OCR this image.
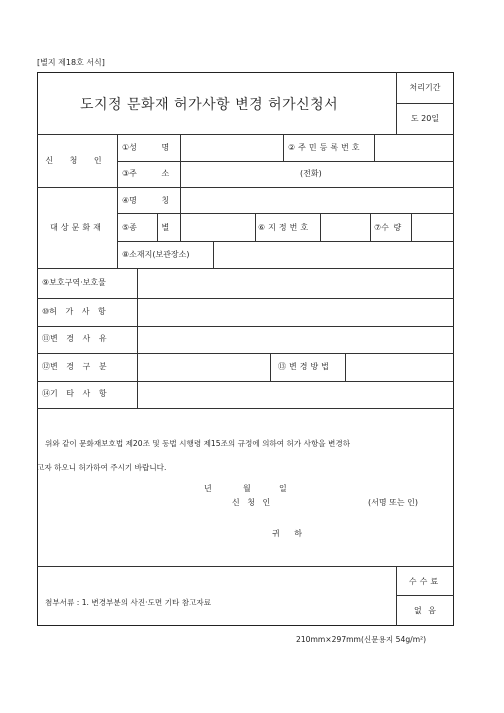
[별지 제18호 서식]
도지정 문화재 허가사항 변경 허가신청서
처리기간
도 20일
신 청 인
①성 명	②주민등록번호
③주 소	(전화)
대상문화재
④명 칭
⑤종 별	⑥지정번호	⑦수 량
⑧소재지(보관장소)
⑨보호구역·보호물
⑩허 가 사 항
⑪변 경 사 유
⑫변 경 구 분	⑬변경방법
⑭기 타 사 항
위와 같이 문화재보호법 제20조 및 동법 시행령 제15조의 규정에 의하여 허가 사항을 변경하
고자 하오니 허가하여 주시기 바랍니다.
년	월	일
신 청 인	(서명 또는 인)
귀 하
첨부서류 : 1. 변경부분의 사진·도면 기타 참고자료
수수료
없 음
210mm×297mm(신문용지 54g/m²)
